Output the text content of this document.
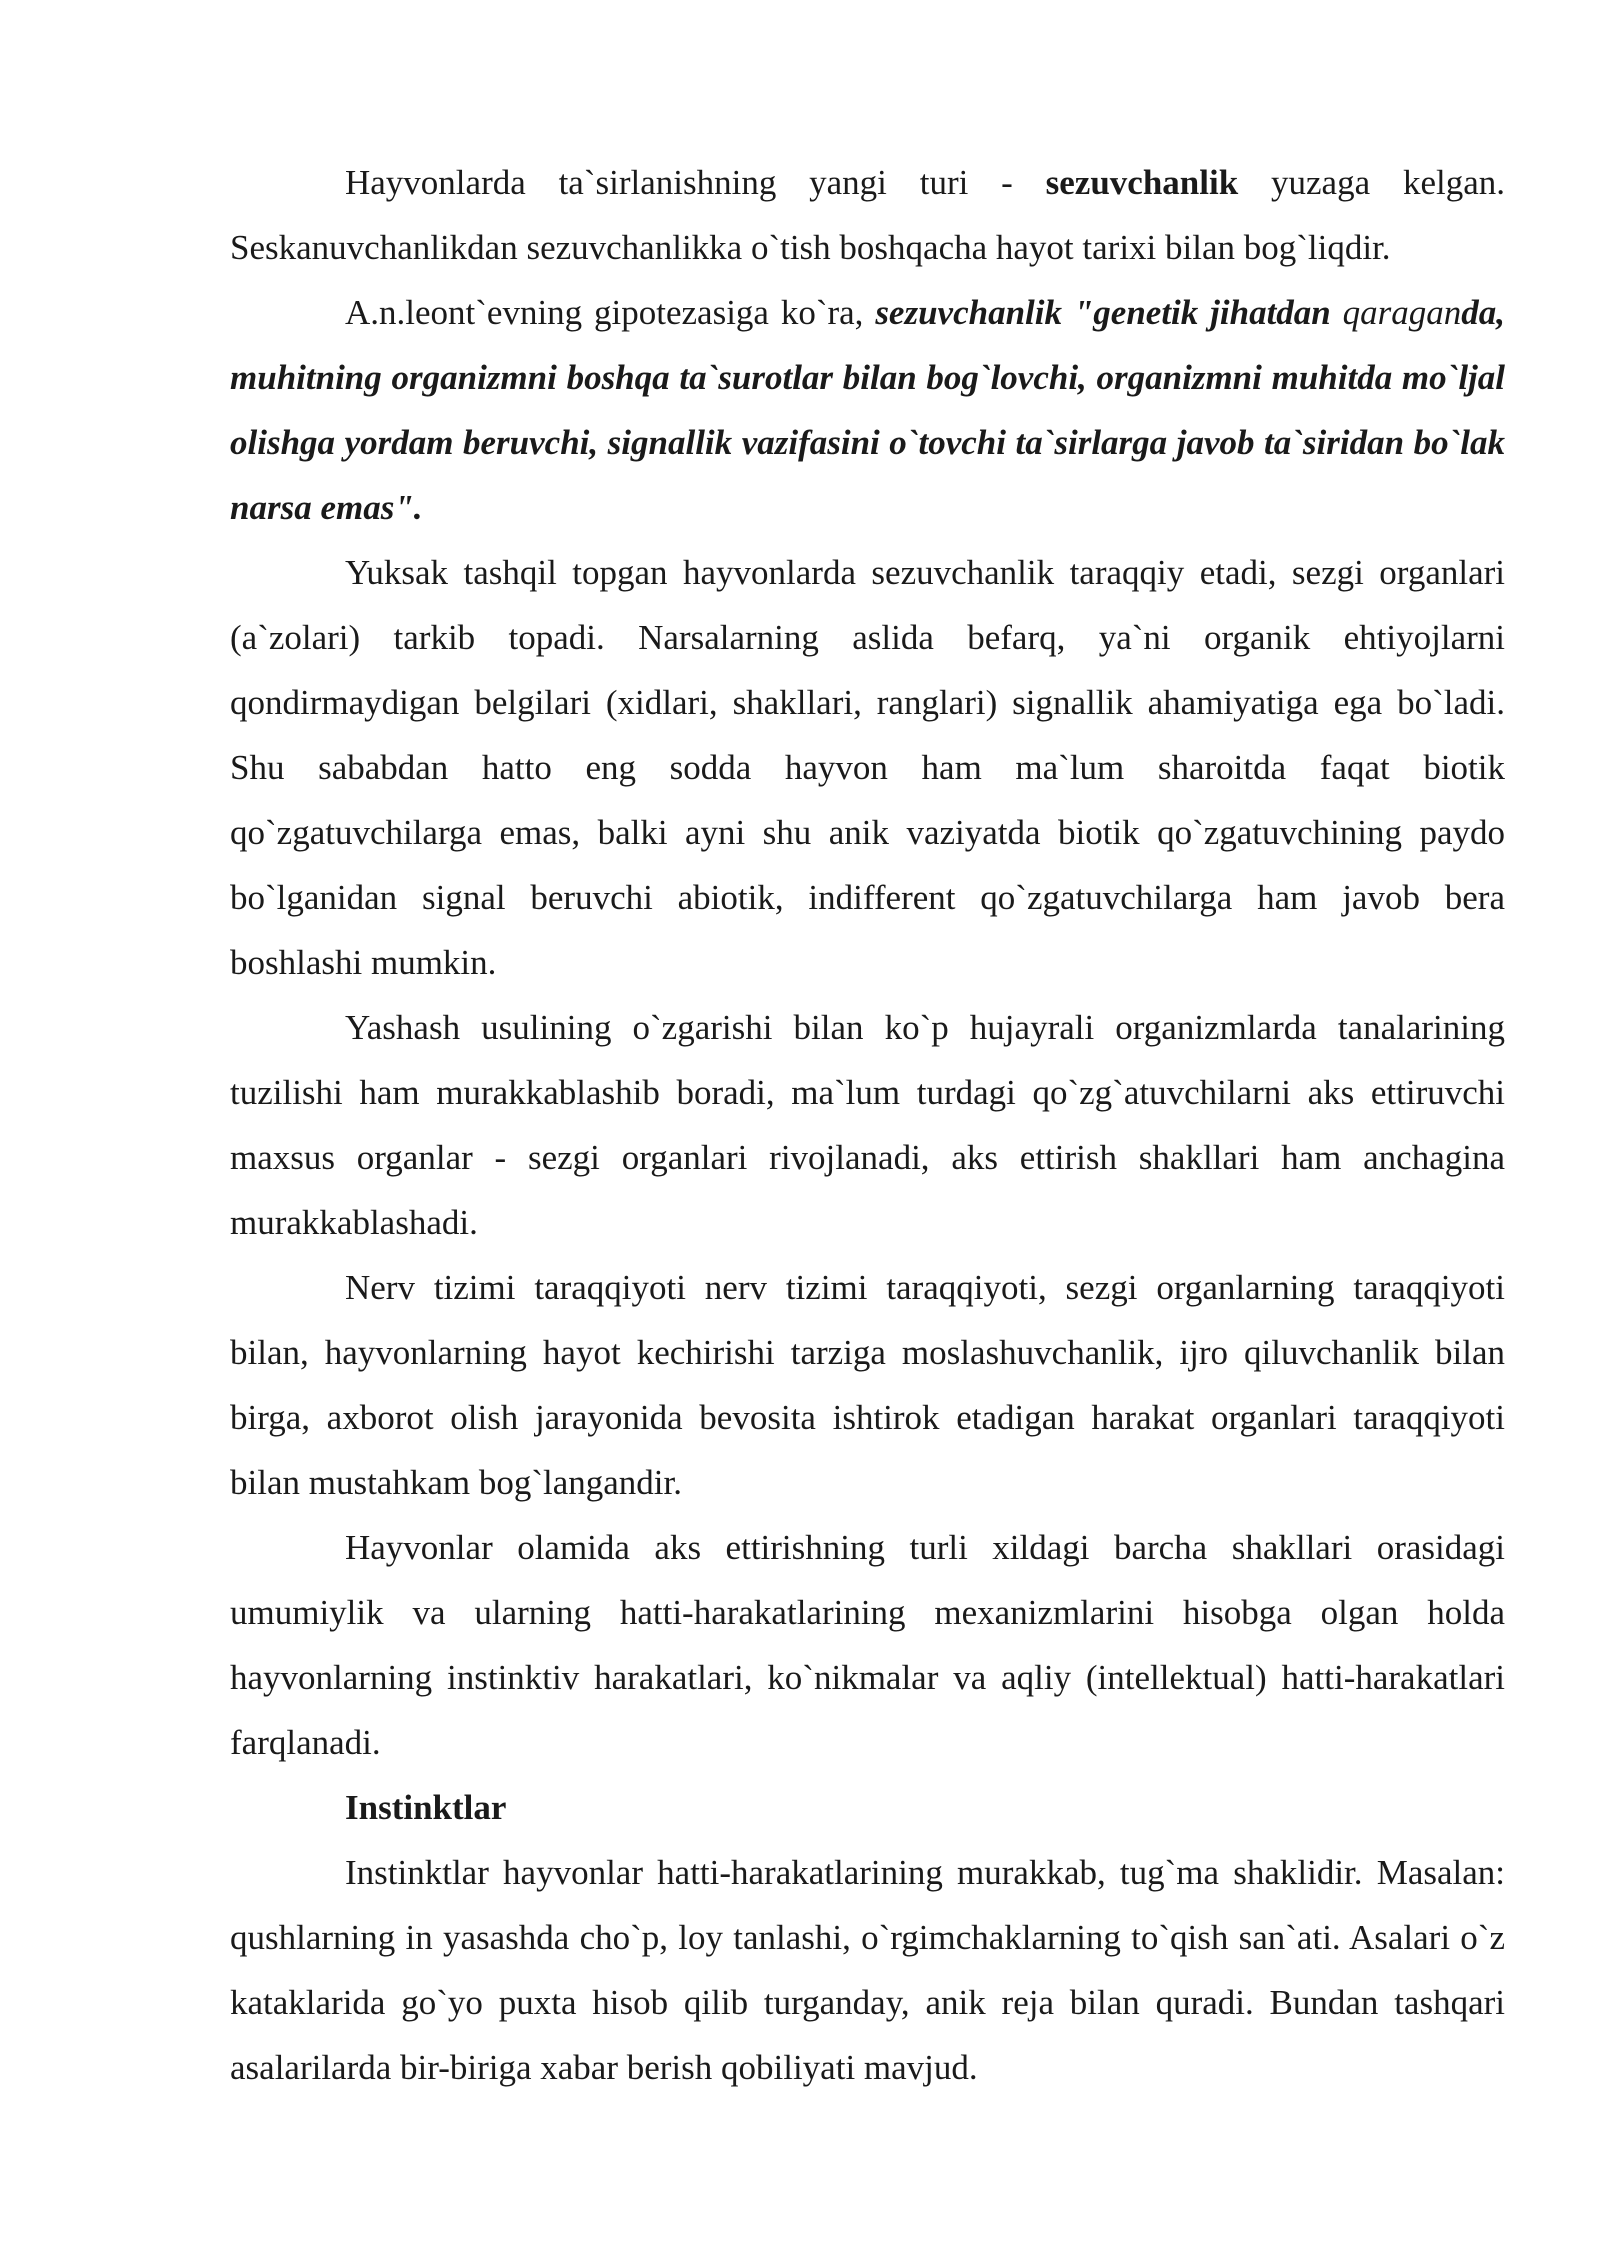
Hayvonlarda ta`sirlanishning yangi turi - sezuvchanlik yuzaga kelgan. Seskanuvchanlikdan sezuvchanlikka o`tish boshqacha hayot tarixi bilan bog`liqdir.

A.n.leont`evning gipotezasiga ko`ra, sezuvchanlik "genetik jihatdan qaraganda, muhitning organizmni boshqa ta`surotlar bilan bog`lovchi, organizmni muhitda mo`ljal olishga yordam beruvchi, signallik vazifasini o`tovchi ta`sirlarga javob ta`siridan bo`lak narsa emas".

Yuksak tashqil topgan hayvonlarda sezuvchanlik taraqqiy etadi, sezgi organlari (a`zolari) tarkib topadi. Narsalarning aslida befarq, ya`ni organik ehtiyojlarni qondirmaydigan belgilari (xidlari, shakllari, ranglari) signallik ahamiyatiga ega bo`ladi. Shu sababdan hatto eng sodda hayvon ham ma`lum sharoitda faqat biotik qo`zgatuvchilarga emas, balki ayni shu anik vaziyatda biotik qo`zgatuvchining paydo bo`lganidan signal beruvchi abiotik, indifferent qo`zgatuvchilarga ham javob bera boshlashi mumkin.

Yashash usulining o`zgarishi bilan ko`p hujayrali organizmlarda tanalarining tuzilishi ham murakkablashib boradi, ma`lum turdagi qo`zg`atuvchilarni aks ettiruvchi maxsus organlar - sezgi organlari rivojlanadi, aks ettirish shakllari ham anchagina murakkablashadi.

Nerv tizimi taraqqiyoti nerv tizimi taraqqiyoti, sezgi organlarning taraqqiyoti bilan, hayvonlarning hayot kechirishi tarziga moslashuvchanlik, ijro qiluvchanlik bilan birga, axborot olish jarayonida bevosita ishtirok etadigan harakat organlari taraqqiyoti bilan mustahkam bog`langandir.

Hayvonlar olamida aks ettirishning turli xildagi barcha shakllari orasidagi umumiylik va ularning hatti-harakatlarining mexanizmlarini hisobga olgan holda hayvonlarning instinktiv harakatlari, ko`nikmalar va aqliy (intellektual) hatti-harakatlari farqlanadi.

Instinktlar

Instinktlar hayvonlar hatti-harakatlarining murakkab, tug`ma shaklidir. Masalan: qushlarning in yasashda cho`p, loy tanlashi, o`rgimchaklarning to`qish san`ati. Asalari o`z kataklarida go`yo puxta hisob qilib turganday, anik reja bilan quradi. Bundan tashqari asalarilarda bir-biriga xabar berish qobiliyati mavjud.
